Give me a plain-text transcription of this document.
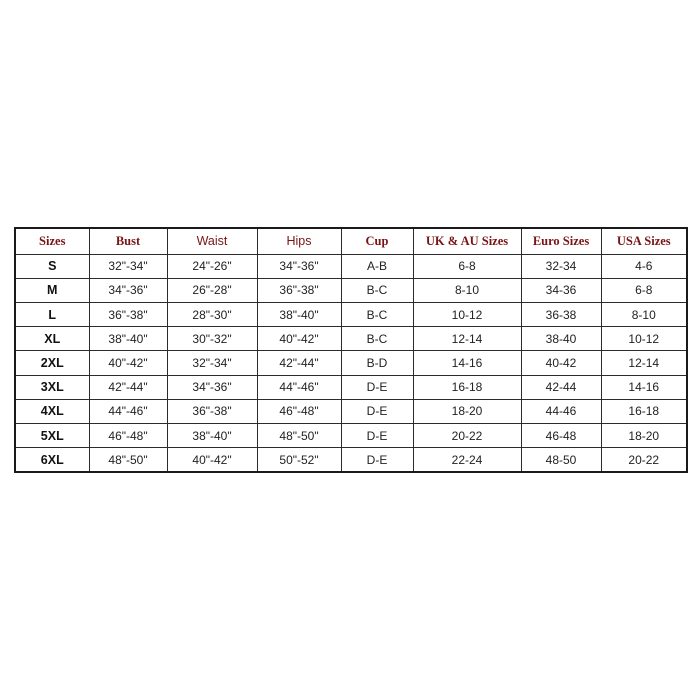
Sizes	Bust	Waist	Hips	Cup	UK & AU Sizes	Euro Sizes	USA Sizes
S	32"-34"	24"-26"	34"-36"	A-B	6-8	32-34	4-6
M	34"-36"	26"-28"	36"-38"	B-C	8-10	34-36	6-8
L	36"-38"	28"-30"	38"-40"	B-C	10-12	36-38	8-10
XL	38"-40"	30"-32"	40"-42"	B-C	12-14	38-40	10-12
2XL	40"-42"	32"-34"	42"-44"	B-D	14-16	40-42	12-14
3XL	42"-44"	34"-36"	44"-46"	D-E	16-18	42-44	14-16
4XL	44"-46"	36"-38"	46"-48"	D-E	18-20	44-46	16-18
5XL	46"-48"	38"-40"	48"-50"	D-E	20-22	46-48	18-20
6XL	48"-50"	40"-42"	50"-52"	D-E	22-24	48-50	20-22
